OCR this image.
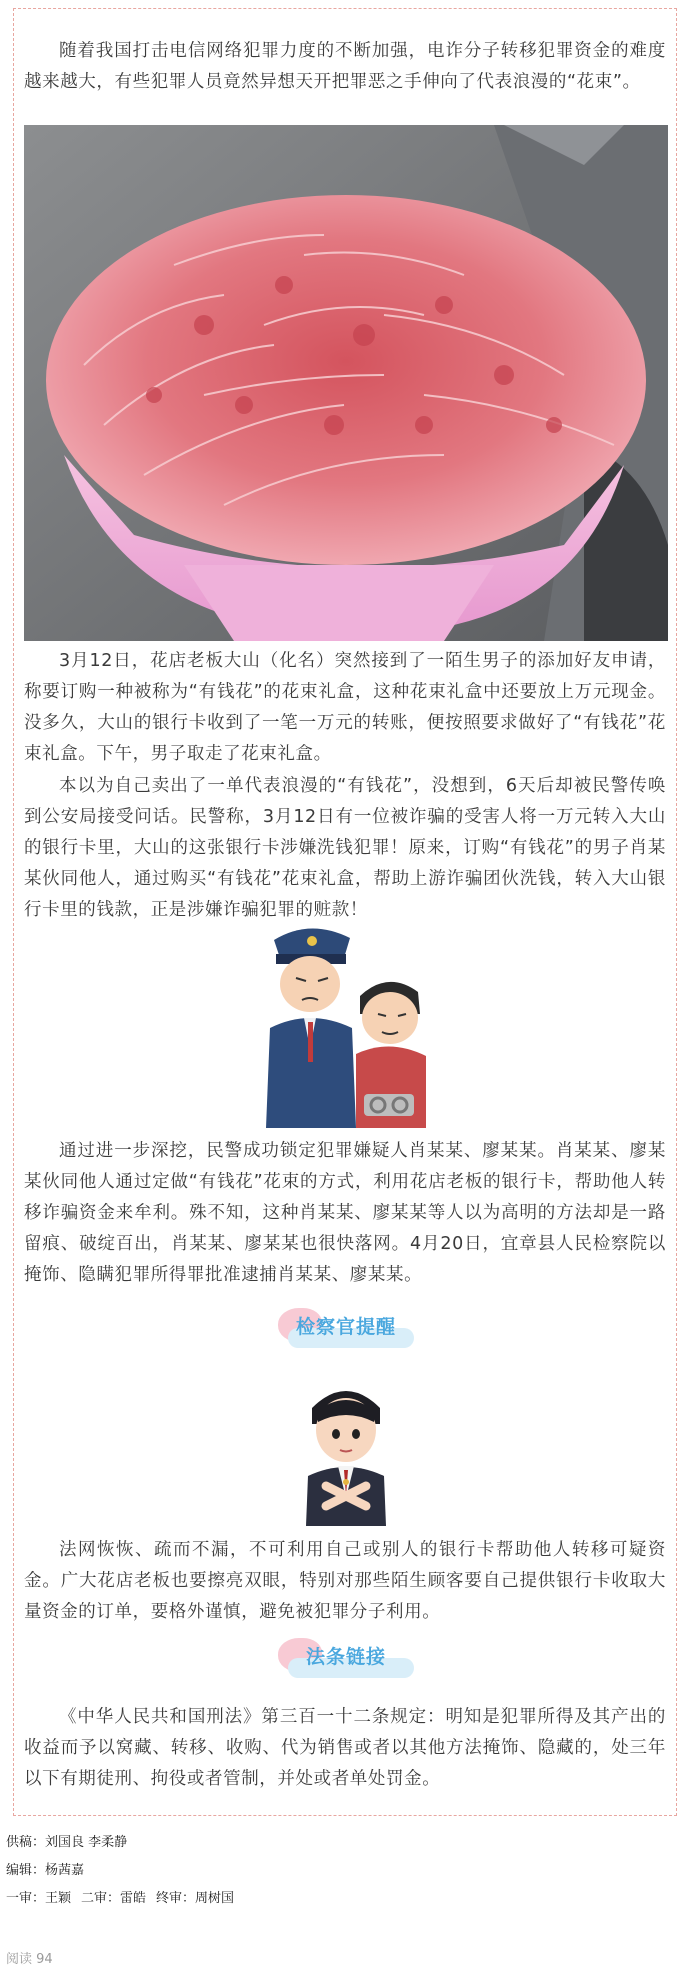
随着我国打击电信网络犯罪力度的不断加强，电诈分子转移犯罪资金的难度越来越大，有些犯罪人员竟然异想天开把罪恶之手伸向了代表浪漫的“花束”。
3月12日，花店老板大山（化名）突然接到了一陌生男子的添加好友申请，称要订购一种被称为“有钱花”的花束礼盒，这种花束礼盒中还要放上万元现金。没多久，大山的银行卡收到了一笔一万元的转账，便按照要求做好了“有钱花”花束礼盒。下午，男子取走了花束礼盒。
本以为自己卖出了一单代表浪漫的“有钱花”，没想到，6天后却被民警传唤到公安局接受问话。民警称，3月12日有一位被诈骗的受害人将一万元转入大山的银行卡里，大山的这张银行卡涉嫌洗钱犯罪！原来，订购“有钱花”的男子肖某某伙同他人，通过购买“有钱花”花束礼盒，帮助上游诈骗团伙洗钱，转入大山银行卡里的钱款，正是涉嫌诈骗犯罪的赃款！
通过进一步深挖，民警成功锁定犯罪嫌疑人肖某某、廖某某。肖某某、廖某某伙同他人通过定做“有钱花”花束的方式，利用花店老板的银行卡，帮助他人转移诈骗资金来牟利。殊不知，这种肖某某、廖某某等人以为高明的方法却是一路留痕、破绽百出，肖某某、廖某某也很快落网。4月20日，宜章县人民检察院以掩饰、隐瞒犯罪所得罪批准逮捕肖某某、廖某某。
检察官提醒
法网恢恢、疏而不漏，不可利用自己或别人的银行卡帮助他人转移可疑资金。广大花店老板也要擦亮双眼，特别对那些陌生顾客要自己提供银行卡收取大量资金的订单，要格外谨慎，避免被犯罪分子利用。
法条链接
《中华人民共和国刑法》第三百一十二条规定：明知是犯罪所得及其产出的收益而予以窝藏、转移、收购、代为销售或者以其他方法掩饰、隐藏的，处三年以下有期徒刑、拘役或者管制，并处或者单处罚金。
供稿：刘国良 李柔静
编辑：杨茜嘉
一审：王颖 二审：雷皓 终审：周树国
阅读 94
